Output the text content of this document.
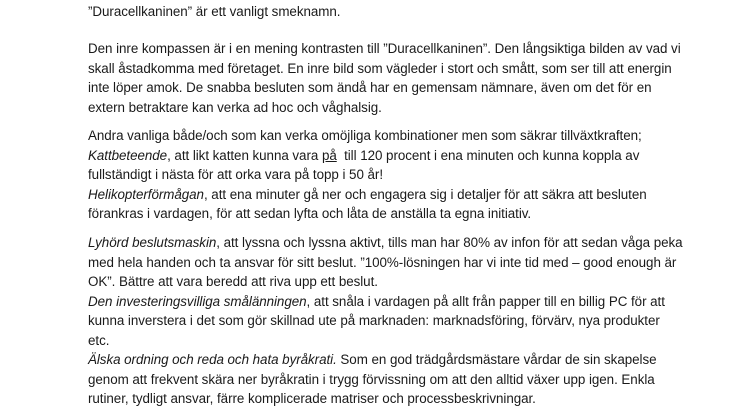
”Duracellkaninen” är ett vanligt smeknamn.

Den inre kompassen är i en mening kontrasten till ”Duracellkaninen”. Den långsiktiga bilden av vad vi
skall åstadkomma med företaget. En inre bild som vägleder i stort och smått, som ser till att energin
inte löper amok. De snabba besluten som ändå har en gemensam nämnare, även om det för en
extern betraktare kan verka ad hoc och våghalsig.

Andra vanliga både/och som kan verka omöjliga kombinationer men som säkrar tillväxtkraften;
Kattbeteende, att likt katten kunna vara på  till 120 procent i ena minuten och kunna koppla av
fullständigt i nästa för att orka vara på topp i 50 år!
Helikopterförmågan, att ena minuter gå ner och engagera sig i detaljer för att säkra att besluten
förankras i vardagen, för att sedan lyfta och låta de anställa ta egna initiativ.

Lyhörd beslutsmaskin, att lyssna och lyssna aktivt, tills man har 80% av infon för att sedan våga peka
med hela handen och ta ansvar för sitt beslut. ”100%-lösningen har vi inte tid med – good enough är
OK”. Bättre att vara beredd att riva upp ett beslut.
Den investeringsvilliga smålänningen, att snåla i vardagen på allt från papper till en billig PC för att
kunna inverstera i det som gör skillnad ute på marknaden: marknadsföring, förvärv, nya produkter
etc.
Älska ordning och reda och hata byråkrati. Som en god trädgårdsmästare vårdar de sin skapelse
genom att frekvent skära ner byråkratin i trygg förvissning om att den alltid växer upp igen. Enkla
rutiner, tydligt ansvar, färre komplicerade matriser och processbeskrivningar.
